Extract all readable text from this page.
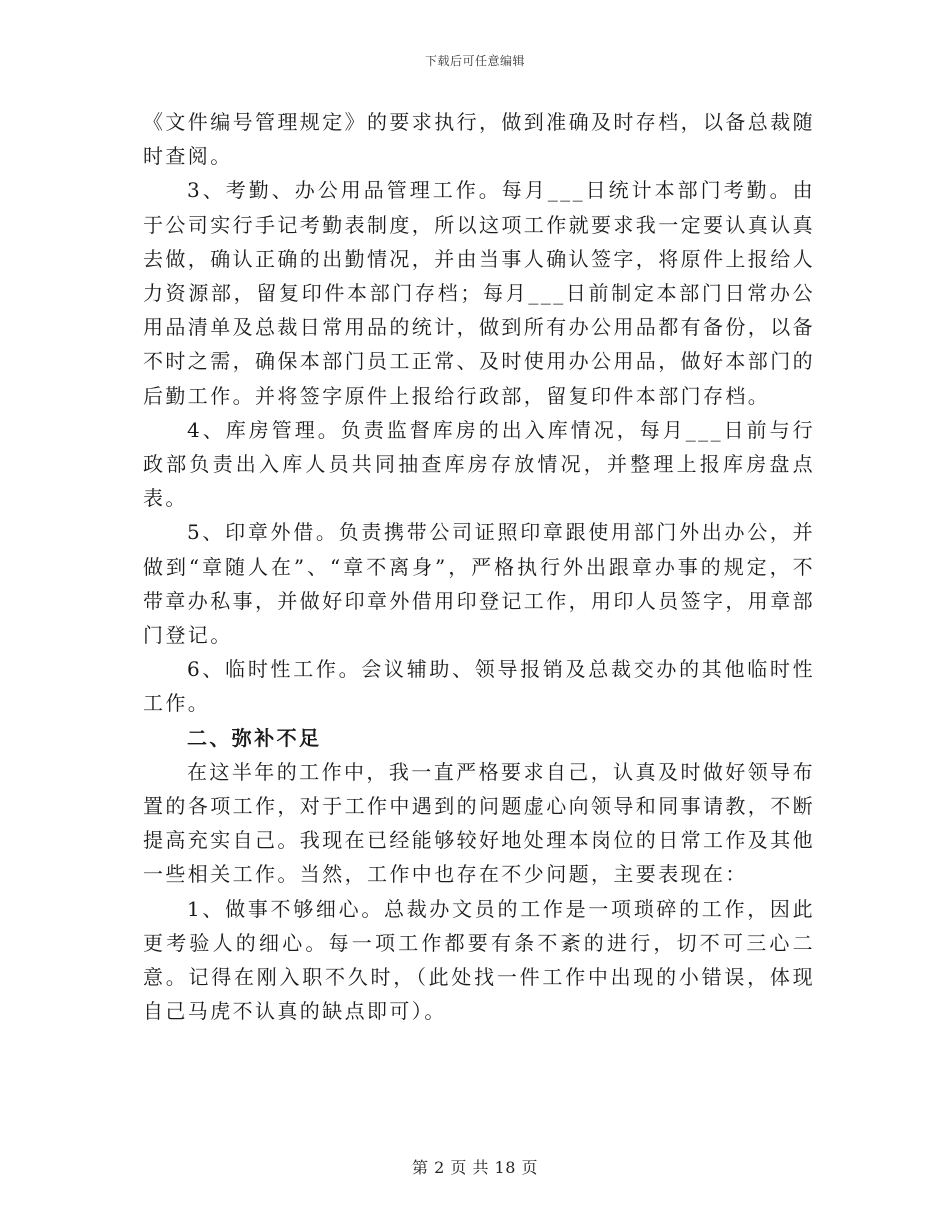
下载后可任意编辑

《文件编号管理规定》的要求执行，做到准确及时存档，以备总裁随时查阅。

3、考勤、办公用品管理工作。每月___日统计本部门考勤。由于公司实行手记考勤表制度，所以这项工作就要求我一定要认真认真去做，确认正确的出勤情况，并由当事人确认签字，将原件上报给人力资源部，留复印件本部门存档；每月___日前制定本部门日常办公用品清单及总裁日常用品的统计，做到所有办公用品都有备份，以备不时之需，确保本部门员工正常、及时使用办公用品，做好本部门的后勤工作。并将签字原件上报给行政部，留复印件本部门存档。

4、库房管理。负责监督库房的出入库情况，每月___日前与行政部负责出入库人员共同抽查库房存放情况，并整理上报库房盘点表。

5、印章外借。负责携带公司证照印章跟使用部门外出办公，并做到“章随人在”、“章不离身”，严格执行外出跟章办事的规定，不带章办私事，并做好印章外借用印登记工作，用印人员签字，用章部门登记。

6、临时性工作。会议辅助、领导报销及总裁交办的其他临时性工作。

二、弥补不足

在这半年的工作中，我一直严格要求自己，认真及时做好领导布置的各项工作，对于工作中遇到的问题虚心向领导和同事请教，不断提高充实自己。我现在已经能够较好地处理本岗位的日常工作及其他一些相关工作。当然，工作中也存在不少问题，主要表现在：

1、做事不够细心。总裁办文员的工作是一项琐碎的工作，因此更考验人的细心。每一项工作都要有条不紊的进行，切不可三心二意。记得在刚入职不久时，（此处找一件工作中出现的小错误，体现自己马虎不认真的缺点即可）。

第 2 页 共 18 页
